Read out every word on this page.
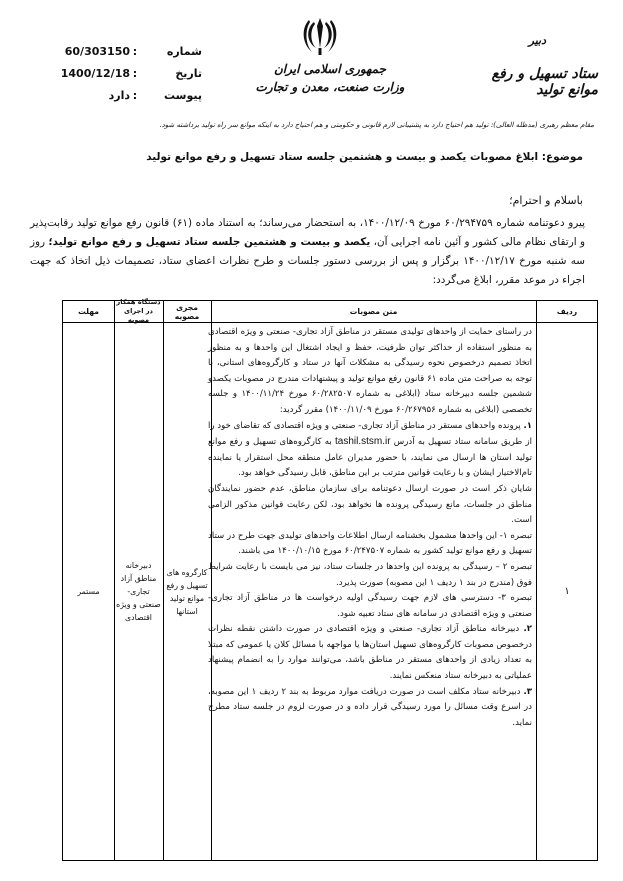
شماره
:
60/303150
تاریخ
:
1400/12/18
پیوست
:
دارد
جمهوری اسلامی ایران
وزارت صنعت، معدن و تجارت
دبیر
ستاد تسهیل و رفع موانع تولید
مقام معظم رهبری (مدظله العالی): تولید هم احتیاج دارد به پشتیبانی لازم قانونی و حکومتی و هم احتیاج دارد به اینکه موانع سر راه تولید برداشته شود.
موضوع: ابلاغ مصوبات یکصد و بیست و هشتمین جلسه ستاد تسهیل و رفع موانع تولید
باسلام و احترام؛
پیرو دعوتنامه شماره ۶۰/۲۹۴۷۵۹ مورخ ۱۴۰۰/۱۲/۰۹، به استحضار می‌رساند؛ به استناد ماده (۶۱) قانون رفع موانع تولید رقابت‌پذیر و ارتقای نظام مالی کشور و آئین نامه اجرایی آن، یکصد و بیست و هشتمین جلسه ستاد تسهیل و رفع موانع تولید؛ روز سه شنبه مورخ ۱۴۰۰/۱۲/۱۷ برگزار و پس از بررسی دستور جلسات و طرح نظرات اعضای ستاد، تصمیمات ذیل اتخاذ که جهت اجراء در موعد مقرر، ابلاغ می‌گردد:
ردیف
متن مصوبات
مجری مصوبه
دستگاه همکار در اجرای مصوبه
مهلت
۱
کارگروه های تسهیل و رفع موانع تولید استانها
دبیرخانه مناطق آزاد تجاری- صنعتی و ویژه اقتصادی
مستمر

در راستای حمایت از واحدهای تولیدی مستقر در مناطق آزاد تجاری- صنعتی و ویژه اقتصادی به منظور استفاده از حداکثر توان ظرفیت، حفظ و ایجاد اشتغال این واحدها و به منظور اتخاذ تصمیم درخصوص نحوه رسیدگی به مشکلات آنها در ستاد و کارگروه‌های استانی، با توجه به صراحت متن ماده ۶۱ قانون رفع موانع تولید و پیشنهادات مندرج در مصوبات یکصدو ششمین جلسه دبیرخانه ستاد (ابلاغی به شماره ۶۰/۲۸۲۵۰۷ مورخ ۱۴۰۰/۱۱/۲۴ و جلسه تخصصی (ابلاغی به شماره ۶۰/۲۶۷۹۵۶ مورخ ۱۴۰۰/۱۱/۰۹) مقرر گردید:

۱. پرونده واحدهای مستقر در مناطق آزاد تجاری- صنعتی و ویژه اقتصادی که تقاضای خود را از طریق سامانه ستاد تسهیل به آدرس tashil.stsm.ir به کارگروه‌های تسهیل و رفع موانع تولید استان ها ارسال می نمایند، با حضور مدیران عامل منطقه محل استقرار یا نماینده تام‌الاختیار ایشان و با رعایت قوانین مترتب بر این مناطق، قابل رسیدگی خواهد بود.

شایان ذکر است در صورت ارسال دعوتنامه برای سازمان مناطق، عدم حضور نمایندگان مناطق در جلسات، مانع رسیدگی پرونده ها نخواهد بود، لکن رعایت قوانین مذکور الزامی است.

تبصره ۱- این واحدها مشمول بخشنامه ارسال اطلاعات واحدهای تولیدی جهت طرح در ستاد تسهیل و رفع موانع تولید کشور به شماره ۶۰/۲۴۷۵۰۷ مورخ ۱۴۰۰/۱۰/۱۵ می باشند.

تبصره ۲ – رسیدگی به پرونده این واحدها در جلسات ستاد، نیز می بایست با رعایت شرایط فوق (مندرج در بند ۱ ردیف ۱ این مصوبه) صورت پذیرد.

تبصره ۳- دسترسی های لازم جهت رسیدگی اولیه درخواست ها در مناطق آزاد تجاری- صنعتی و ویژه اقتصادی در سامانه های ستاد تعبیه شود.

۲. دبیرخانه مناطق آزاد تجاری- صنعتی و ویژه اقتصادی در صورت داشتن نقطه نظرات درخصوص مصوبات کارگروه‌های تسهیل استان‌ها یا مواجهه با مسائل کلان یا عمومی که مبتلا به تعداد زیادی از واحدهای مستقر در مناطق باشد، می‌توانند موارد را به انضمام پیشنهاد عملیاتی به دبیرخانه ستاد منعکس نمایند.

۳. دبیرخانه ستاد مکلف است در صورت دریافت موارد مربوط به بند ۲ ردیف ۱ این مصوبه، در اسرع وقت مسائل را مورد رسیدگی قرار داده و در صورت لزوم در جلسه ستاد مطرح نماید.
